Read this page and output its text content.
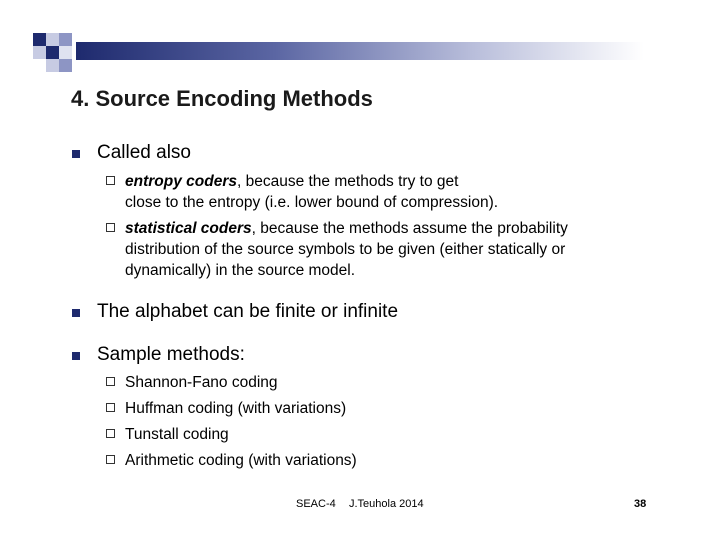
4. Source Encoding Methods
Called also
entropy coders, because the methods try to get
close to the entropy (i.e. lower bound of compression).
statistical coders, because the methods assume the probability
distribution of the source symbols to be given (either statically or
dynamically) in the source model.
The alphabet can be finite or infinite
Sample methods:
Shannon-Fano coding
Huffman coding (with variations)
Tunstall coding
Arithmetic coding (with variations)
SEAC-4 J.Teuhola 2014	38
